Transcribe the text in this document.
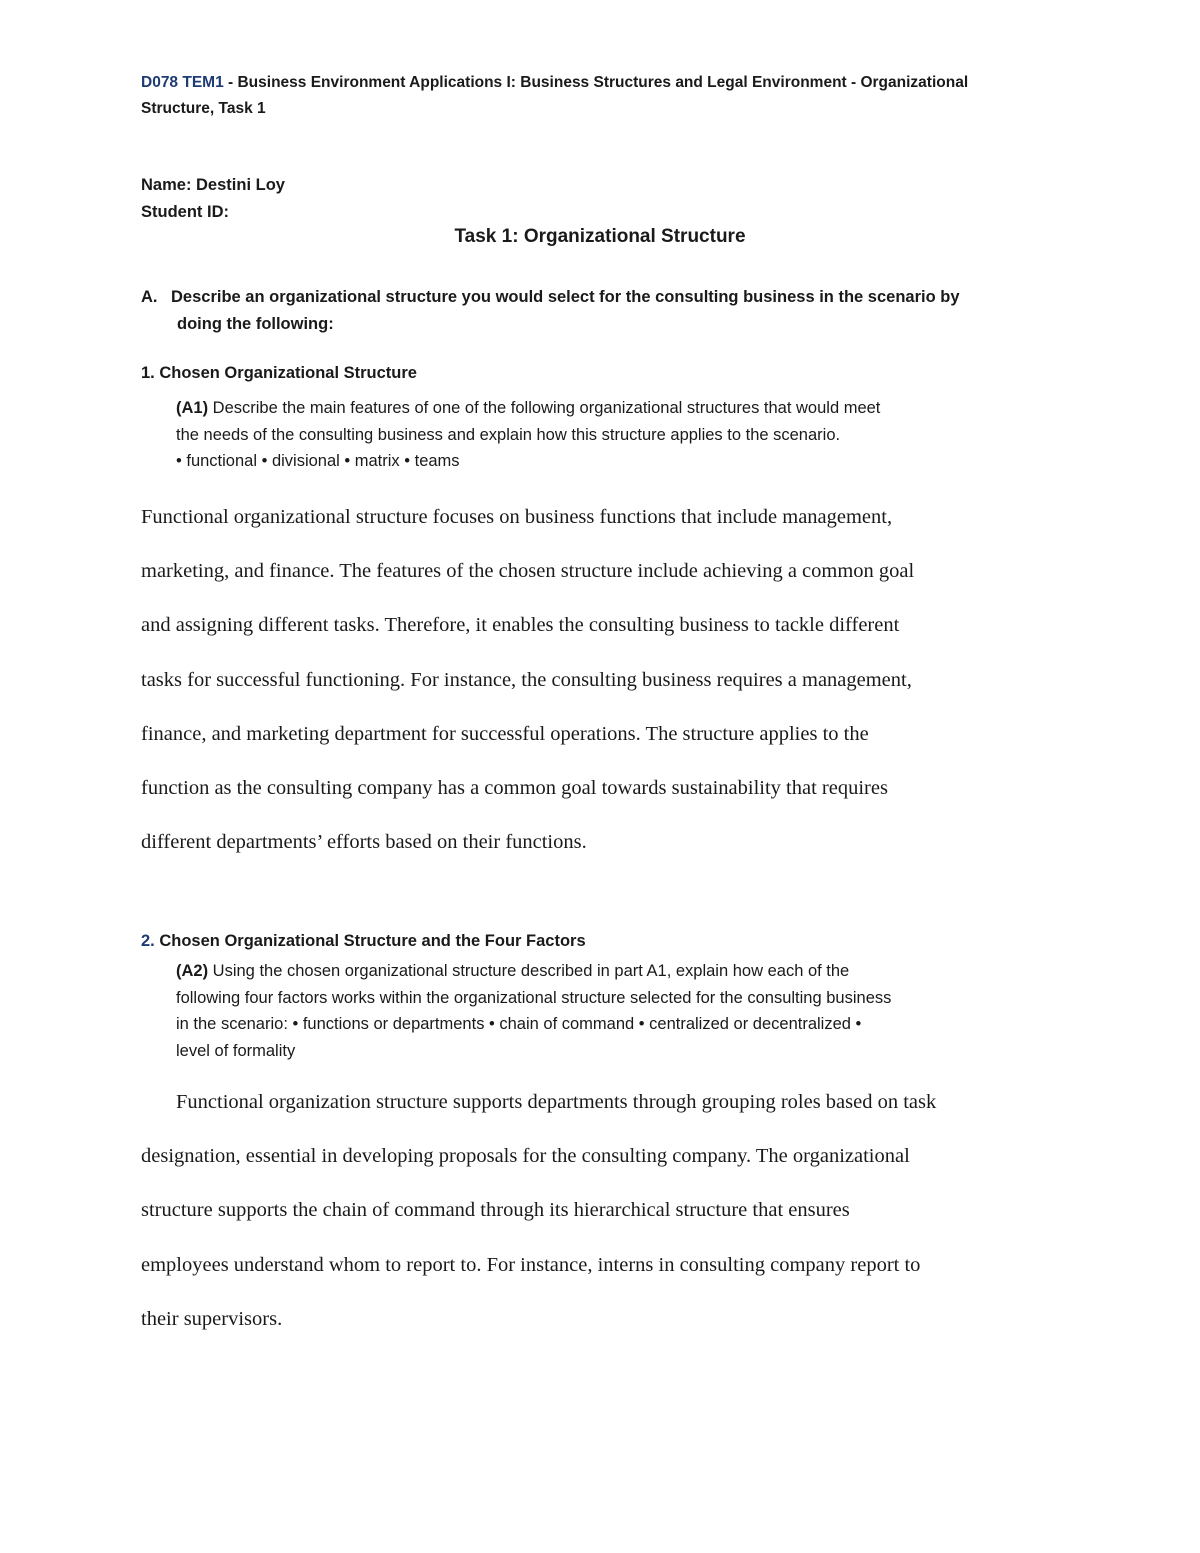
D078 TEM1 - Business Environment Applications I: Business Structures and Legal Environment - Organizational
Structure, Task 1
Name: Destini Loy
Student ID:
Task 1: Organizational Structure
A. Describe an organizational structure you would select for the consulting business in the scenario by
doing the following:
1. Chosen Organizational Structure
(A1) Describe the main features of one of the following organizational structures that would meet
the needs of the consulting business and explain how this structure applies to the scenario.
• functional • divisional • matrix • teams
Functional organizational structure focuses on business functions that include management,
marketing, and finance. The features of the chosen structure include achieving a common goal
and assigning different tasks. Therefore, it enables the consulting business to tackle different
tasks for successful functioning. For instance, the consulting business requires a management,
finance, and marketing department for successful operations. The structure applies to the
function as the consulting company has a common goal towards sustainability that requires
different departments’ efforts based on their functions.
2. Chosen Organizational Structure and the Four Factors
(A2) Using the chosen organizational structure described in part A1, explain how each of the
following four factors works within the organizational structure selected for the consulting business
in the scenario: • functions or departments • chain of command • centralized or decentralized •
level of formality
Functional organization structure supports departments through grouping roles based on task
designation, essential in developing proposals for the consulting company. The organizational
structure supports the chain of command through its hierarchical structure that ensures
employees understand whom to report to. For instance, interns in consulting company report to
their supervisors.
